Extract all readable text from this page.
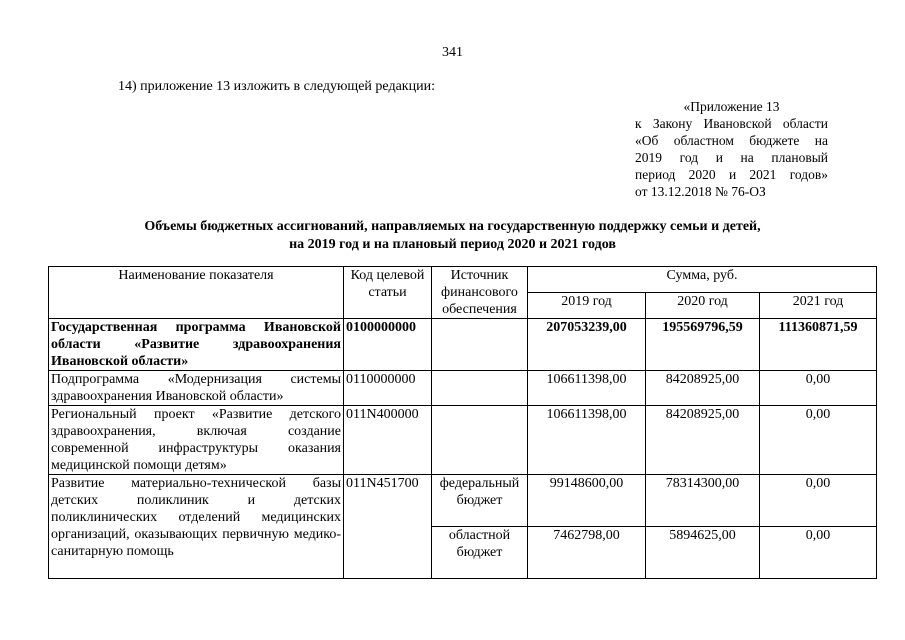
341
14) приложение 13 изложить в следующей редакции:
«Приложение 13
к Закону Ивановской области
«Об областном бюджете на
2019 год и на плановый
период 2020 и 2021 годов»
от 13.12.2018 № 76-ОЗ
Объемы бюджетных ассигнований, направляемых на государственную поддержку семьи и детей,
на 2019 год и на плановый период 2020 и 2021 годов
Наименование показателя	Код целевой статьи	Источник финансового обеспечения	Сумма, руб.		
			2019 год	2020 год	2021 год
Государственная программа Ивановской области «Развитие здравоохранения Ивановской области»	0100000000		207053239,00	195569796,59	111360871,59
Подпрограмма «Модернизация системы здравоохранения Ивановской области»	0110000000		106611398,00	84208925,00	0,00
Региональный проект «Развитие детского здравоохранения, включая создание современной инфраструктуры оказания медицинской помощи детям»	011N400000		106611398,00	84208925,00	0,00
Развитие материально-технической базы детских поликлиник и детских поликлинических отделений медицинских организаций, оказывающих первичную медико-санитарную помощь	011N451700	федеральный бюджет	99148600,00	78314300,00	0,00
		областной бюджет	7462798,00	5894625,00	0,00
